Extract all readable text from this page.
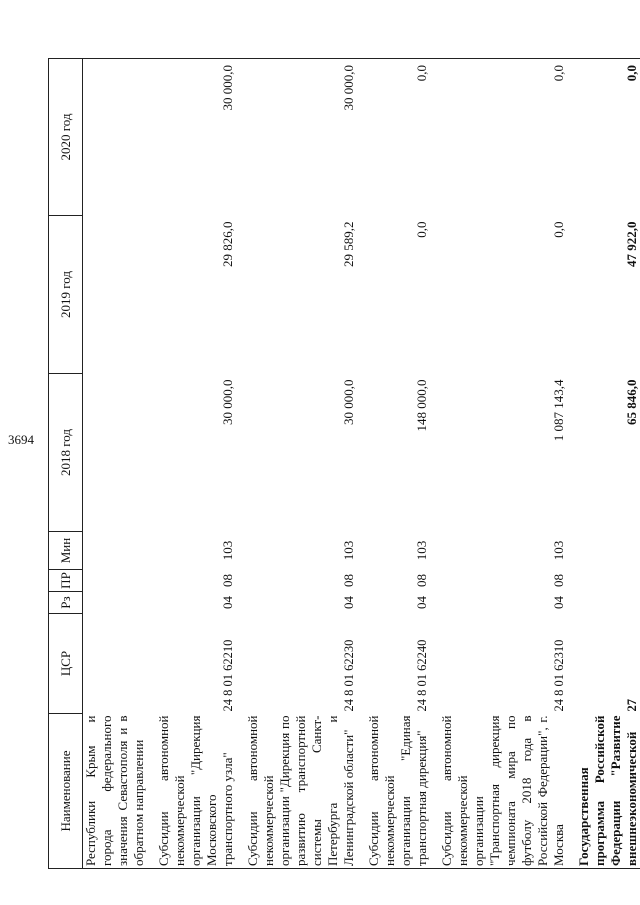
3694
Наименование	ЦСР	Рз	ПР	Мин	2018 год	2019 год	2020 год
Республики Крым и города федерального значения Севастополя и в обратном направлении							
Субсидии автономной некоммерческой организации "Дирекция Московского транспортного узла"	24 8 01 62210	04	08	103	30 000,0	29 826,0	30 000,0
Субсидии автономной некоммерческой организации "Дирекция по развитию транспортной системы Санкт-Петербурга и Ленинградской области"	24 8 01 62230	04	08	103	30 000,0	29 589,2	30 000,0
Субсидии автономной некоммерческой организации "Единая транспортная дирекция"	24 8 01 62240	04	08	103	148 000,0	0,0	0,0
Субсидии автономной некоммерческой организации "Транспортная дирекция чемпионата мира по футболу 2018 года в Российской Федерации", г. Москва	24 8 01 62310	04	08	103	1 087 143,4	0,0	0,0
Государственная программа Российской Федерации "Развитие внешнеэкономической	27				65 846,0	47 922,0	0,0
